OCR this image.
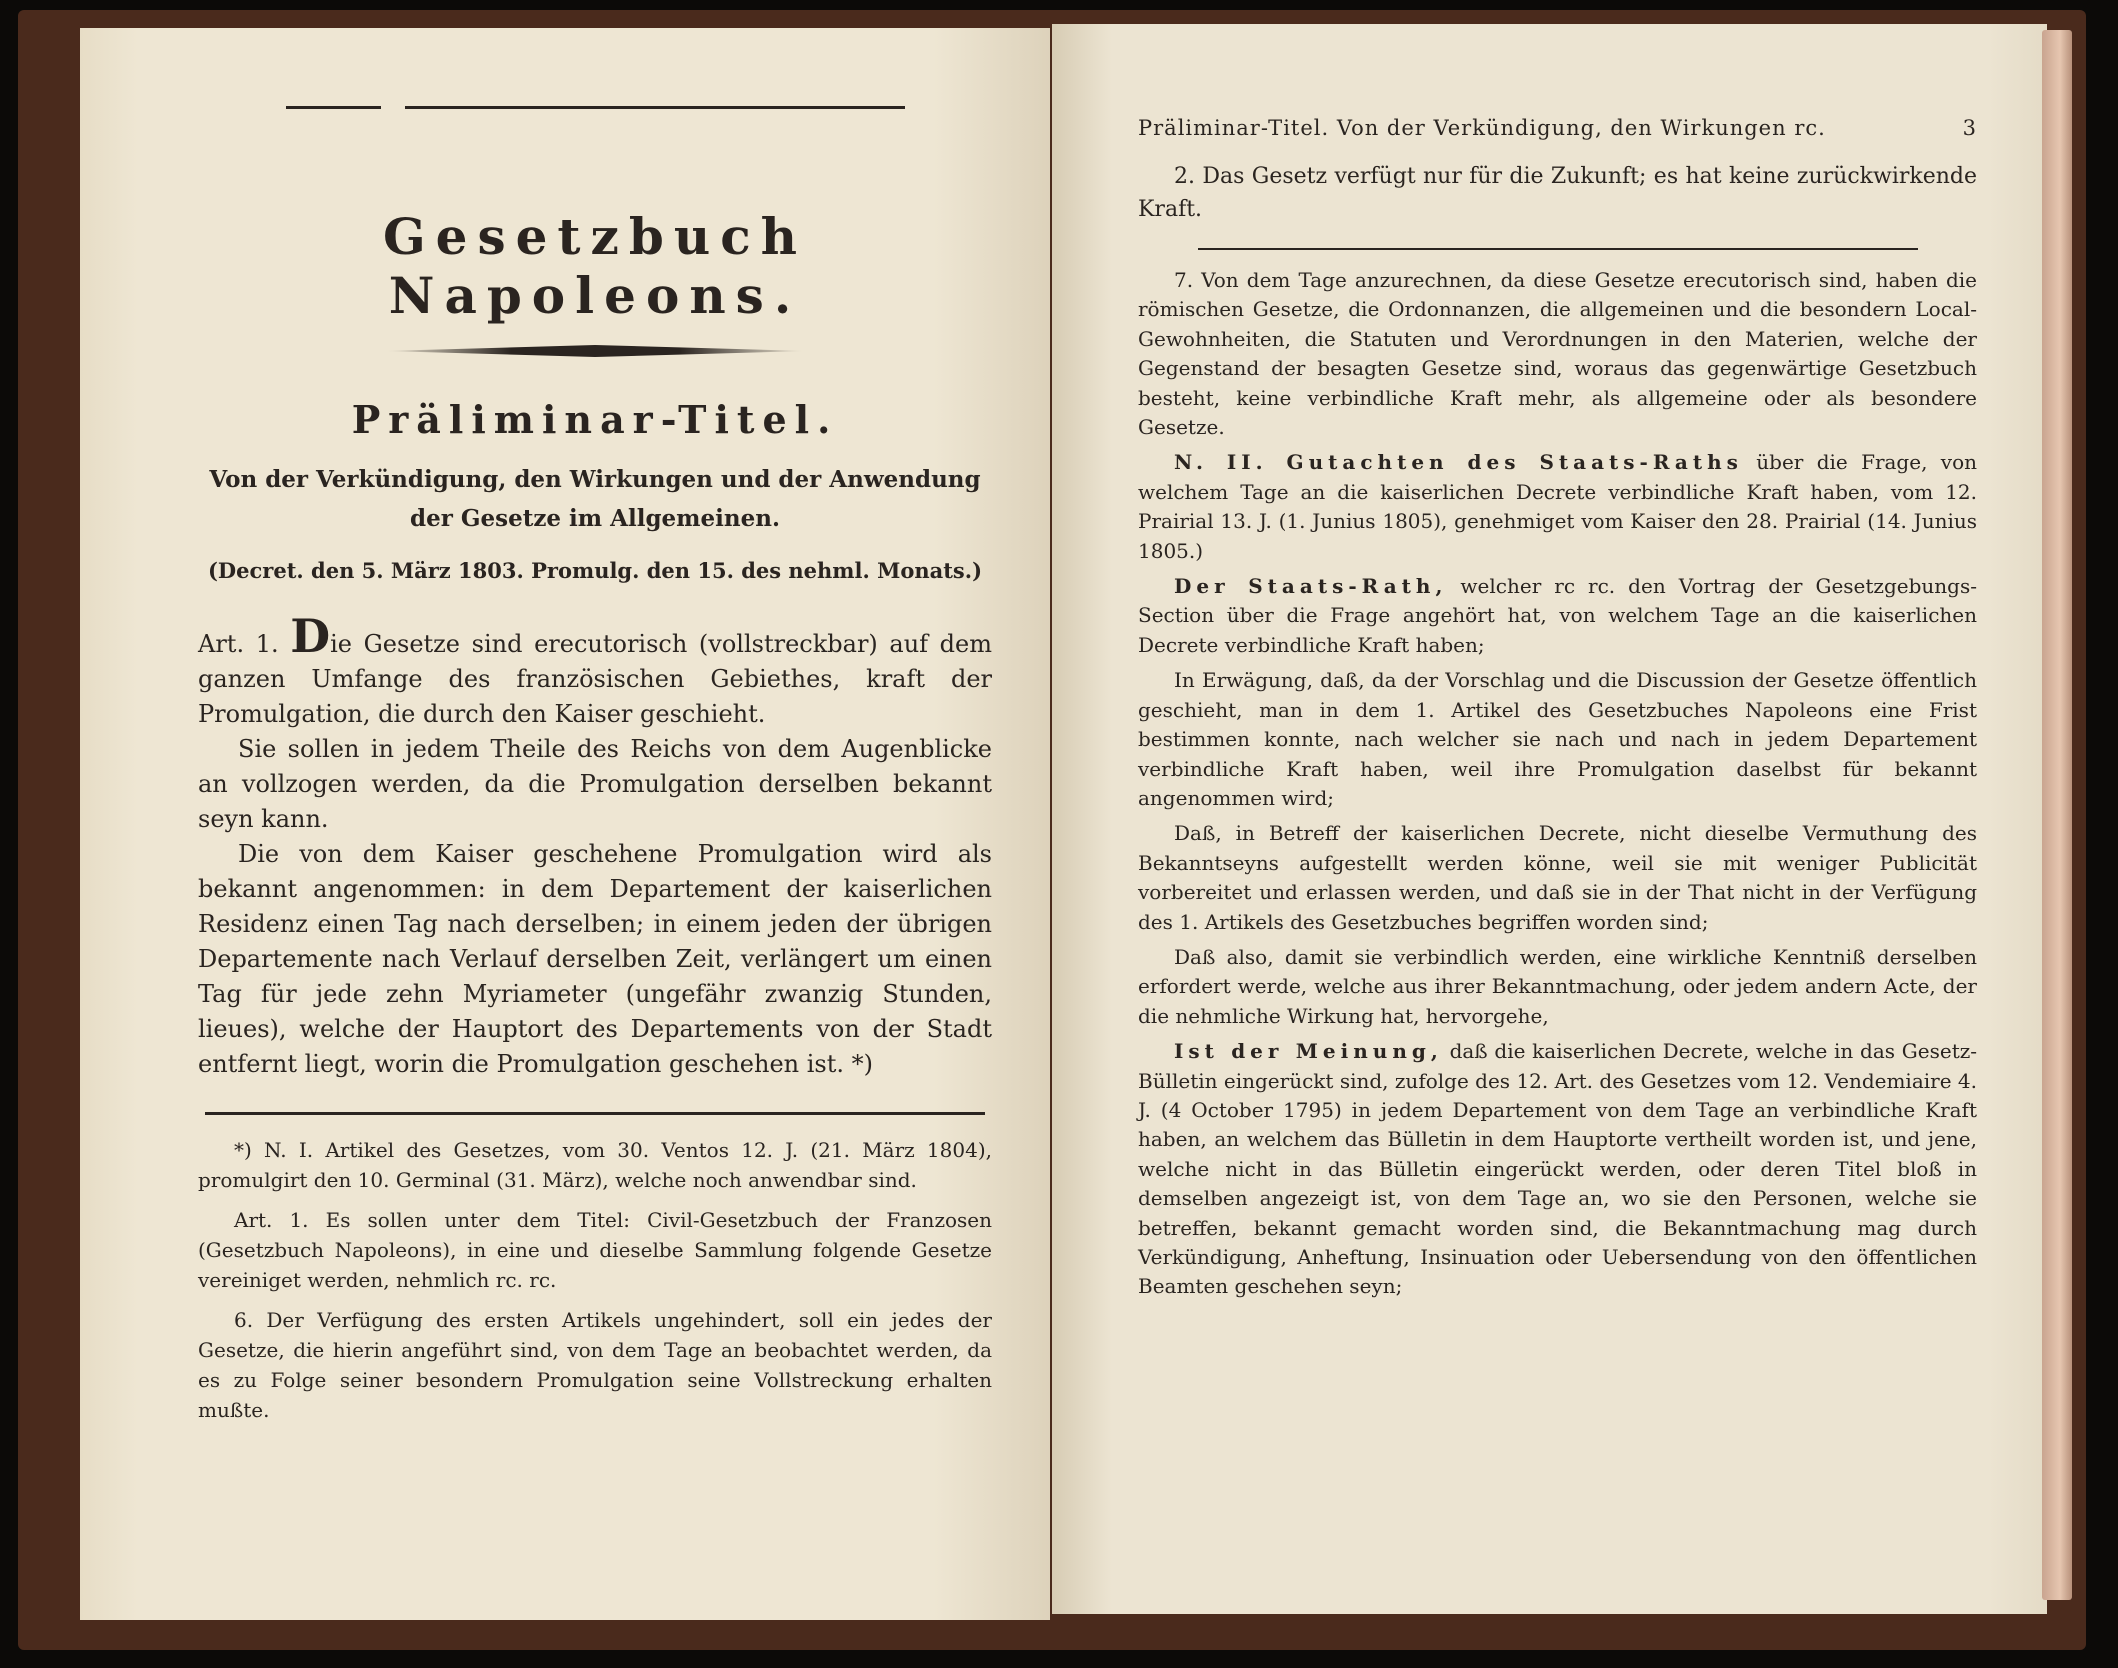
Gesetzbuch Napoleons.
Präliminar-Titel.
Von der Verkündigung, den Wirkungen und der Anwendung
der Gesetze im Allgemeinen.
(Decret. den 5. März 1803. Promulg. den 15. des nehml. Monats.)

Art. 1. Die Gesetze sind erecutorisch (vollstreckbar) auf dem ganzen Umfange des französischen Gebiethes, kraft der Promulgation, die durch den Kaiser geschieht.

Sie sollen in jedem Theile des Reichs von dem Augenblicke an vollzogen werden, da die Promulgation derselben bekannt seyn kann.

Die von dem Kaiser geschehene Promulgation wird als bekannt angenommen: in dem Departement der kaiserlichen Residenz einen Tag nach derselben; in einem jeden der übrigen Departemente nach Verlauf derselben Zeit, verlängert um einen Tag für jede zehn Myriameter (ungefähr zwanzig Stunden, lieues), welche der Hauptort des Departements von der Stadt entfernt liegt, worin die Promulgation geschehen ist. *)

*) N. I. Artikel des Gesetzes, vom 30. Ventos 12. J. (21. März 1804), promulgirt den 10. Germinal (31. März), welche noch anwendbar sind.

Art. 1. Es sollen unter dem Titel: Civil-Gesetzbuch der Franzosen (Gesetzbuch Napoleons), in eine und dieselbe Sammlung folgende Gesetze vereiniget werden, nehmlich rc. rc.

6. Der Verfügung des ersten Artikels ungehindert, soll ein jedes der Gesetze, die hierin angeführt sind, von dem Tage an beobachtet werden, da es zu Folge seiner besondern Promulgation seine Vollstreckung erhalten mußte.

Präliminar-Titel. Von der Verkündigung, den Wirkungen rc.	3

2. Das Gesetz verfügt nur für die Zukunft; es hat keine zurückwirkende Kraft.

7. Von dem Tage anzurechnen, da diese Gesetze erecutorisch sind, haben die römischen Gesetze, die Ordonnanzen, die allgemeinen und die besondern Local-Gewohnheiten, die Statuten und Verordnungen in den Materien, welche der Gegenstand der besagten Gesetze sind, woraus das gegenwärtige Gesetzbuch besteht, keine verbindliche Kraft mehr, als allgemeine oder als besondere Gesetze.

N. II. Gutachten des Staats-Raths über die Frage, von welchem Tage an die kaiserlichen Decrete verbindliche Kraft haben, vom 12. Prairial 13. J. (1. Junius 1805), genehmiget vom Kaiser den 28. Prairial (14. Junius 1805.)

Der Staats-Rath, welcher rc rc. den Vortrag der Gesetzgebungs-Section über die Frage angehört hat, von welchem Tage an die kaiserlichen Decrete verbindliche Kraft haben;

In Erwägung, daß, da der Vorschlag und die Discussion der Gesetze öffentlich geschieht, man in dem 1. Artikel des Gesetzbuches Napoleons eine Frist bestimmen konnte, nach welcher sie nach und nach in jedem Departement verbindliche Kraft haben, weil ihre Promulgation daselbst für bekannt angenommen wird;

Daß, in Betreff der kaiserlichen Decrete, nicht dieselbe Vermuthung des Bekanntseyns aufgestellt werden könne, weil sie mit weniger Publicität vorbereitet und erlassen werden, und daß sie in der That nicht in der Verfügung des 1. Artikels des Gesetzbuches begriffen worden sind;

Daß also, damit sie verbindlich werden, eine wirkliche Kenntniß derselben erfordert werde, welche aus ihrer Bekanntmachung, oder jedem andern Acte, der die nehmliche Wirkung hat, hervorgehe,

Ist der Meinung, daß die kaiserlichen Decrete, welche in das Gesetz-Bülletin eingerückt sind, zufolge des 12. Art. des Gesetzes vom 12. Vendemiaire 4. J. (4 October 1795) in jedem Departement von dem Tage an verbindliche Kraft haben, an welchem das Bülletin in dem Hauptorte vertheilt worden ist, und jene, welche nicht in das Bülletin eingerückt werden, oder deren Titel bloß in demselben angezeigt ist, von dem Tage an, wo sie den Personen, welche sie betreffen, bekannt gemacht worden sind, die Bekanntmachung mag durch Verkündigung, Anheftung, Insinuation oder Uebersendung von den öffentlichen Beamten geschehen seyn;
